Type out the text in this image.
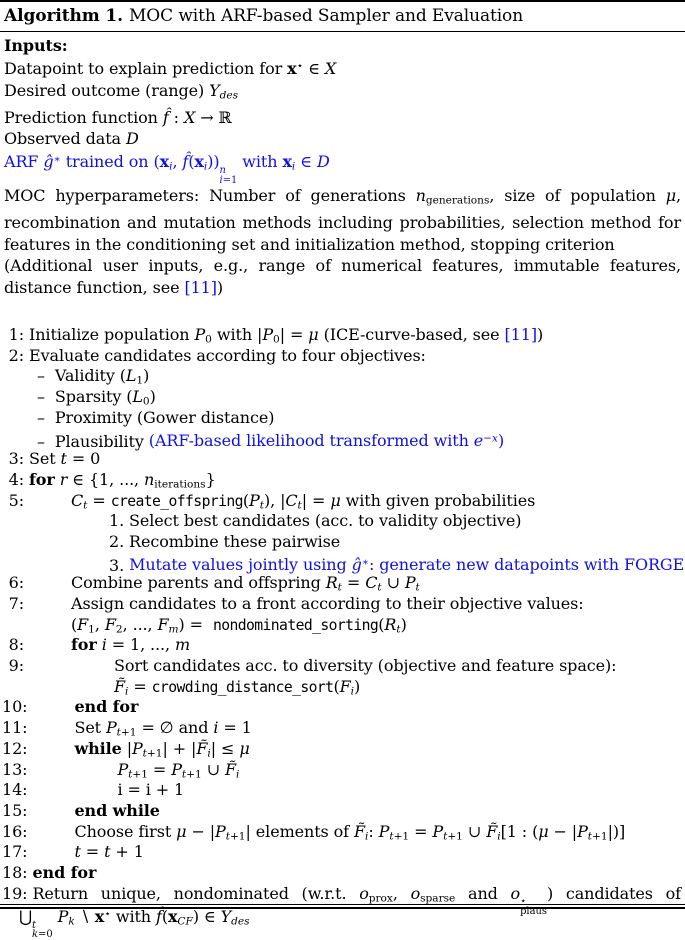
Algorithm 1. MOC with ARF-based Sampler and Evaluation
Inputs:
Datapoint to explain prediction for x⋆ ∈ X
Desired outcome (range) $Y_{des}$
Prediction function f̂ : X → ℝ
Observed data D
ARF ĝ∗ trained on ($x_i$, $f̂(x_i)$) n
i=1
with $x_i$ ∈ D

MOC hyperparameters: Number of generations $n_{generations}$, size of population μ, recombination and mutation methods including probabilities, selection method for features in the conditioning set and initialization method, stopping criterion

(Additional user inputs, e.g., range of numerical features, immutable features, distance function, see [11])

1: Initialize population $P_0$ with $|P_0| = \mu$ (ICE-curve-based, see [11])
2: Evaluate candidates according to four objectives:
–  Validity $(L_1)$
–  Sparsity $(L_0)$
–  Proximity (Gower distance)
–  Plausibility (ARF-based likelihood transformed with $e^{-x}$)
3: Set t = 0
4: for r ∈ {1, ..., $n_{iterations}$}
5:	$C_t$ = $create\_offspring(P_t)$, $|C_t| = \mu$ with given probabilities
1. Select best candidates (acc. to validity objective)
2. Recombine these pairwise
3. Mutate values jointly using ĝ∗: generate new datapoints with FORGE
6:	Combine parents and offspring $R_t = C_t$ ∪ $P_t$
7:	Assign candidates to a front according to their objective values:
($F_1$, $F_2$, ..., $F_m$) =  $nondominated\_sorting(R_t)$
8:	for i = 1, ..., m
9:	Sort candidates acc. to diversity (objective and feature space):
$F̃_i$ = $crowding\_distance\_sort(F_i)$
10:	end for
11:	Set $P_{t+1}$ = ∅ and i = 1
12:	while $|P_{t+1}|$ + $|F̃_i| \le \mu$
13:	$P_{t+1} = P_{t+1}$ ∪ $F̃_i$
14:	i = i + 1
15:	end while
16:	Choose first $\mu - |P_{t+1}|$ elements of $F̃_i$: $P_{t+1} = P_{t+1}$ ∪ $F̃_i[1$ : $(\mu - |P_{t+1}|)$]
17:	t = t + 1
18: end for
19: Return unique, nondominated (w.r.t. $o_{prox}$, $o_{sparse}$ and o ⋆
plaus
) candidates of
⋃ t
k=0
$P_k$ ∖ x⋆ with $f̂(x_{CF})$ ∈ $Y_{des}$
